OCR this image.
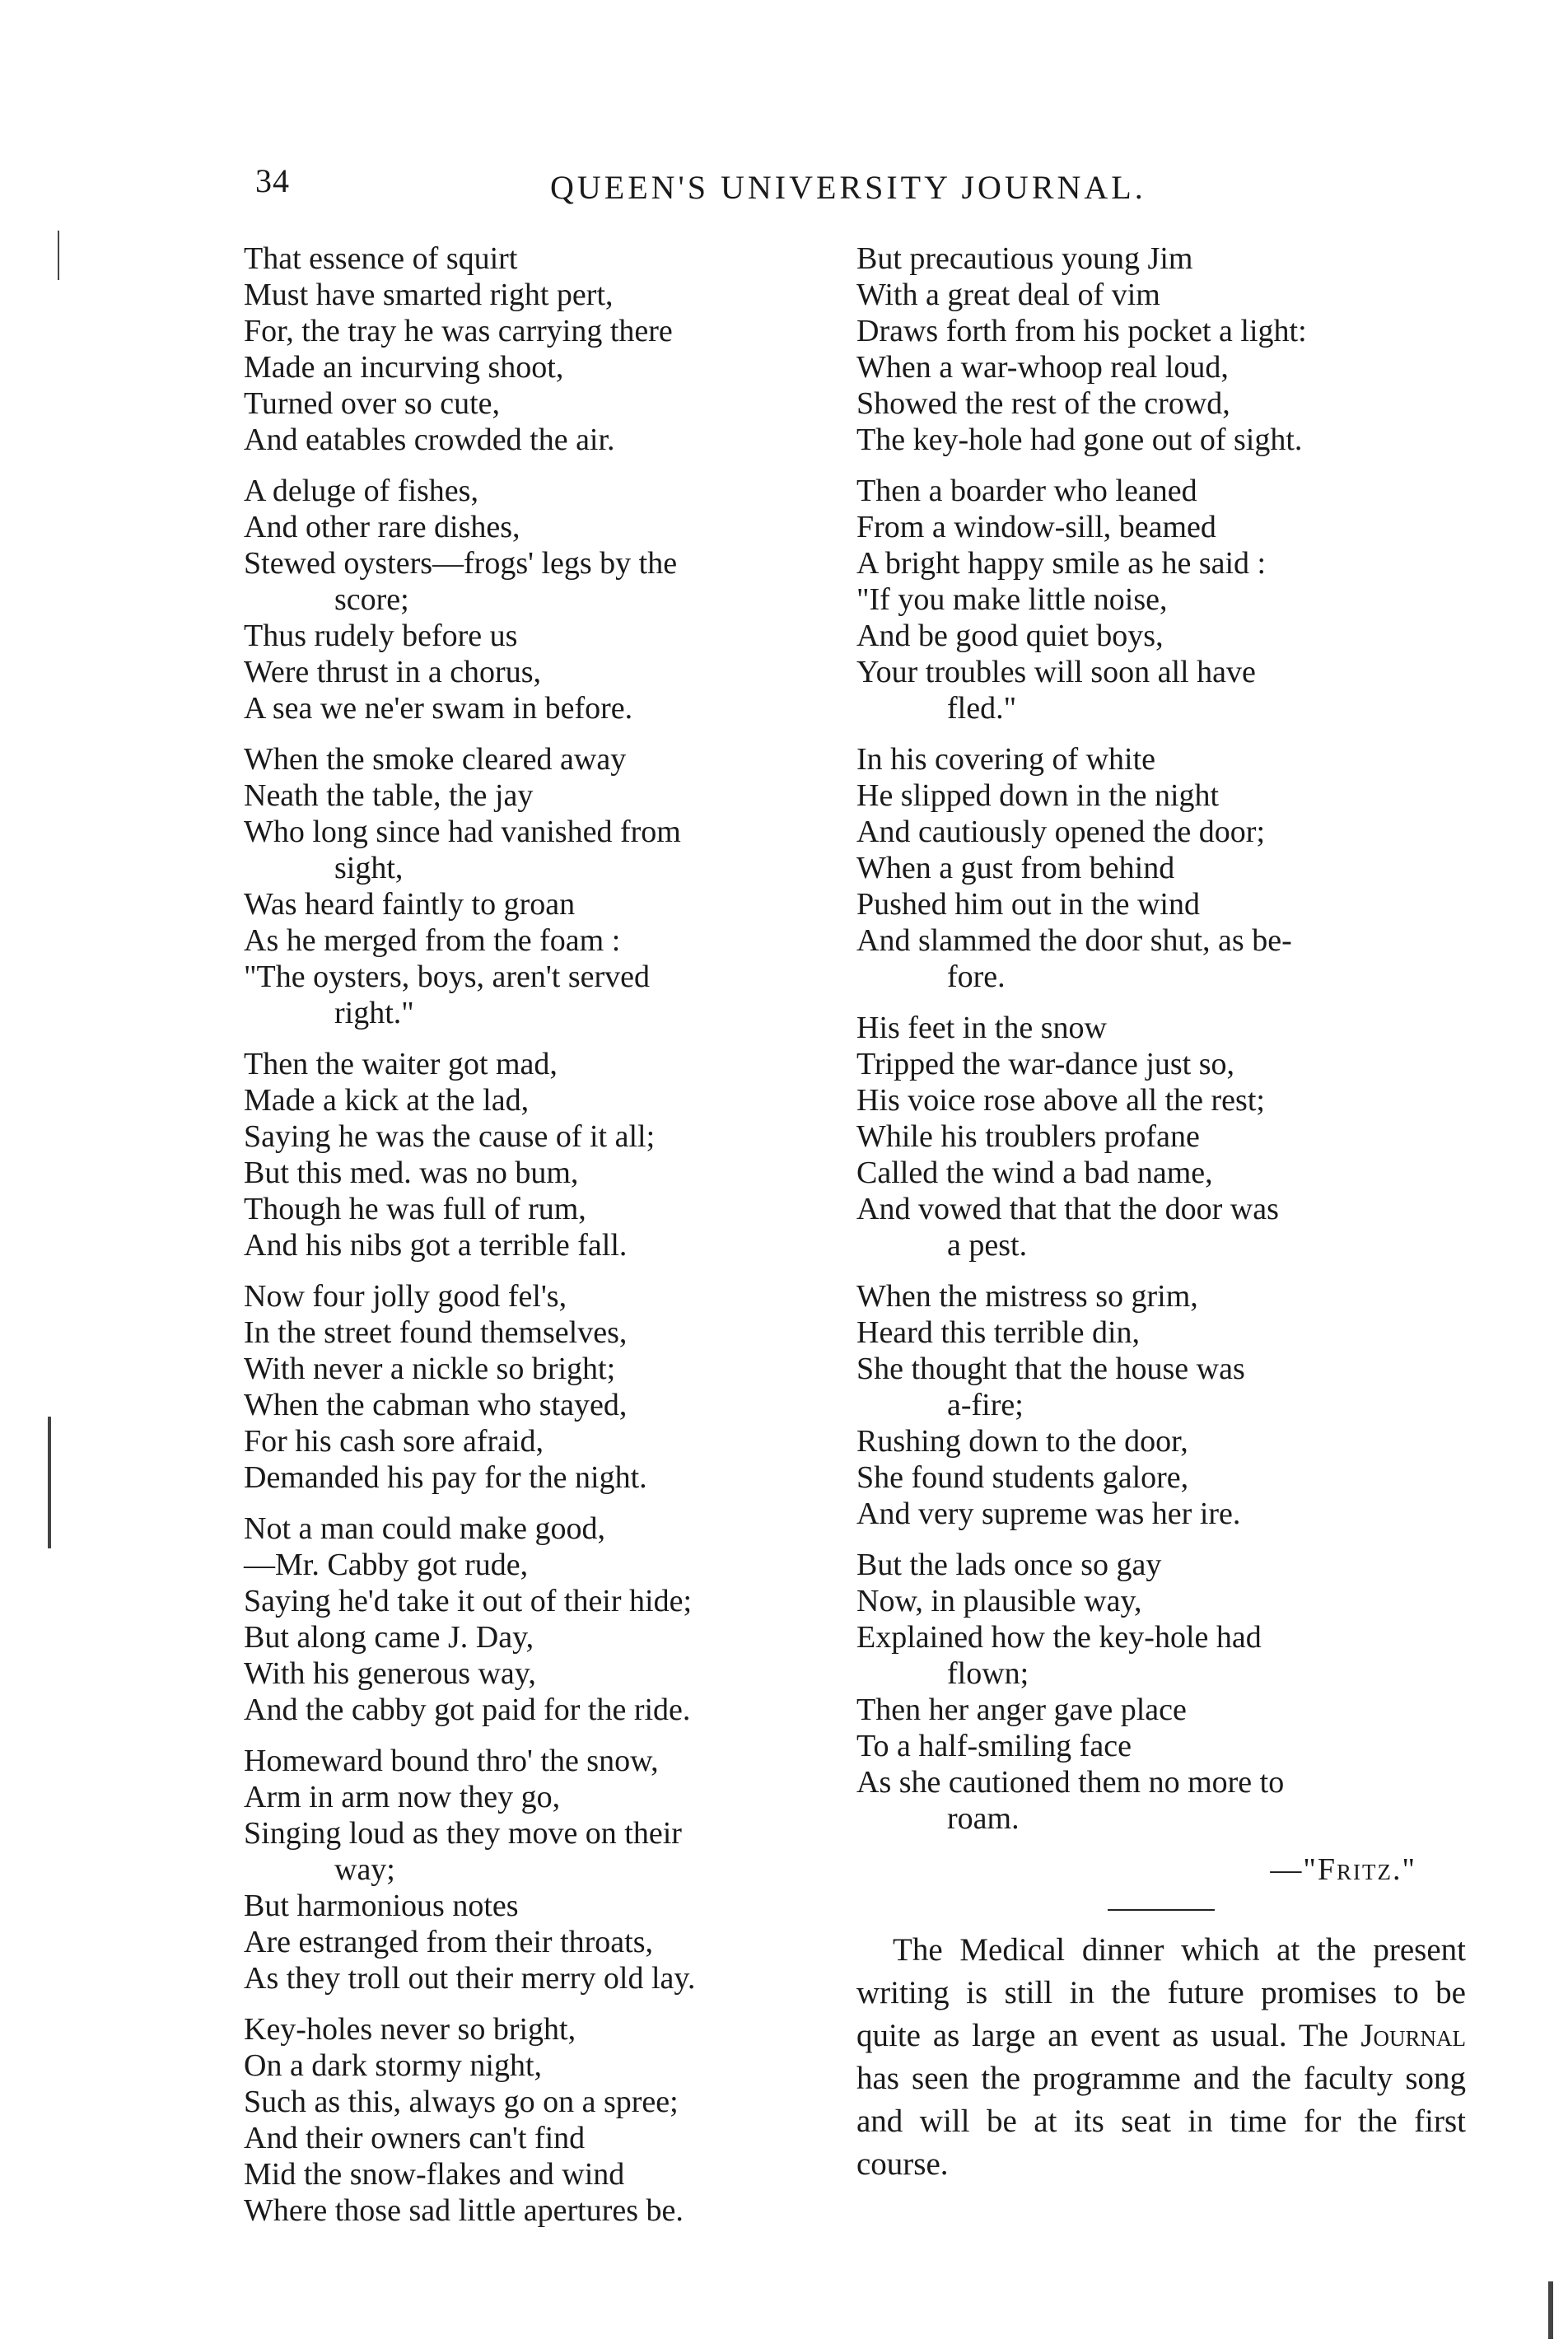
34	QUEEN'S UNIVERSITY JOURNAL.
That essence of squirt
Must have smarted right pert,
For, the tray he was carrying there
Made an incurving shoot,
Turned over so cute,
And eatables crowded the air.
A deluge of fishes,
And other rare dishes,
Stewed oysters—frogs' legs by the
score;
Thus rudely before us
Were thrust in a chorus,
A sea we ne'er swam in before.
When the smoke cleared away
Neath the table, the jay
Who long since had vanished from
sight,
Was heard faintly to groan
As he merged from the foam :
"The oysters, boys, aren't served
right."
Then the waiter got mad,
Made a kick at the lad,
Saying he was the cause of it all;
But this med. was no bum,
Though he was full of rum,
And his nibs got a terrible fall.
Now four jolly good fel's,
In the street found themselves,
With never a nickle so bright;
When the cabman who stayed,
For his cash sore afraid,
Demanded his pay for the night.
Not a man could make good,
—Mr. Cabby got rude,
Saying he'd take it out of their hide;
But along came J. Day,
With his generous way,
And the cabby got paid for the ride.
Homeward bound thro' the snow,
Arm in arm now they go,
Singing loud as they move on their
way;
But harmonious notes
Are estranged from their throats,
As they troll out their merry old lay.
Key-holes never so bright,
On a dark stormy night,
Such as this, always go on a spree;
And their owners can't find
Mid the snow-flakes and wind
Where those sad little apertures be.
But precautious young Jim
With a great deal of vim
Draws forth from his pocket a light:
When a war-whoop real loud,
Showed the rest of the crowd,
The key-hole had gone out of sight.
Then a boarder who leaned
From a window-sill, beamed
A bright happy smile as he said :
"If you make little noise,
And be good quiet boys,
Your troubles will soon all have
fled."
In his covering of white
He slipped down in the night
And cautiously opened the door;
When a gust from behind
Pushed him out in the wind
And slammed the door shut, as be-
fore.
His feet in the snow
Tripped the war-dance just so,
His voice rose above all the rest;
While his troublers profane
Called the wind a bad name,
And vowed that that the door was
a pest.
When the mistress so grim,
Heard this terrible din,
She thought that the house was
a-fire;
Rushing down to the door,
She found students galore,
And very supreme was her ire.
But the lads once so gay
Now, in plausible way,
Explained how the key-hole had
flown;
Then her anger gave place
To a half-smiling face
As she cautioned them no more to
roam.
—"Fritz."
The Medical dinner which at the present writing is still in the future promises to be quite as large an event as usual. The Journal has seen the programme and the faculty song and will be at its seat in time for the first course.
